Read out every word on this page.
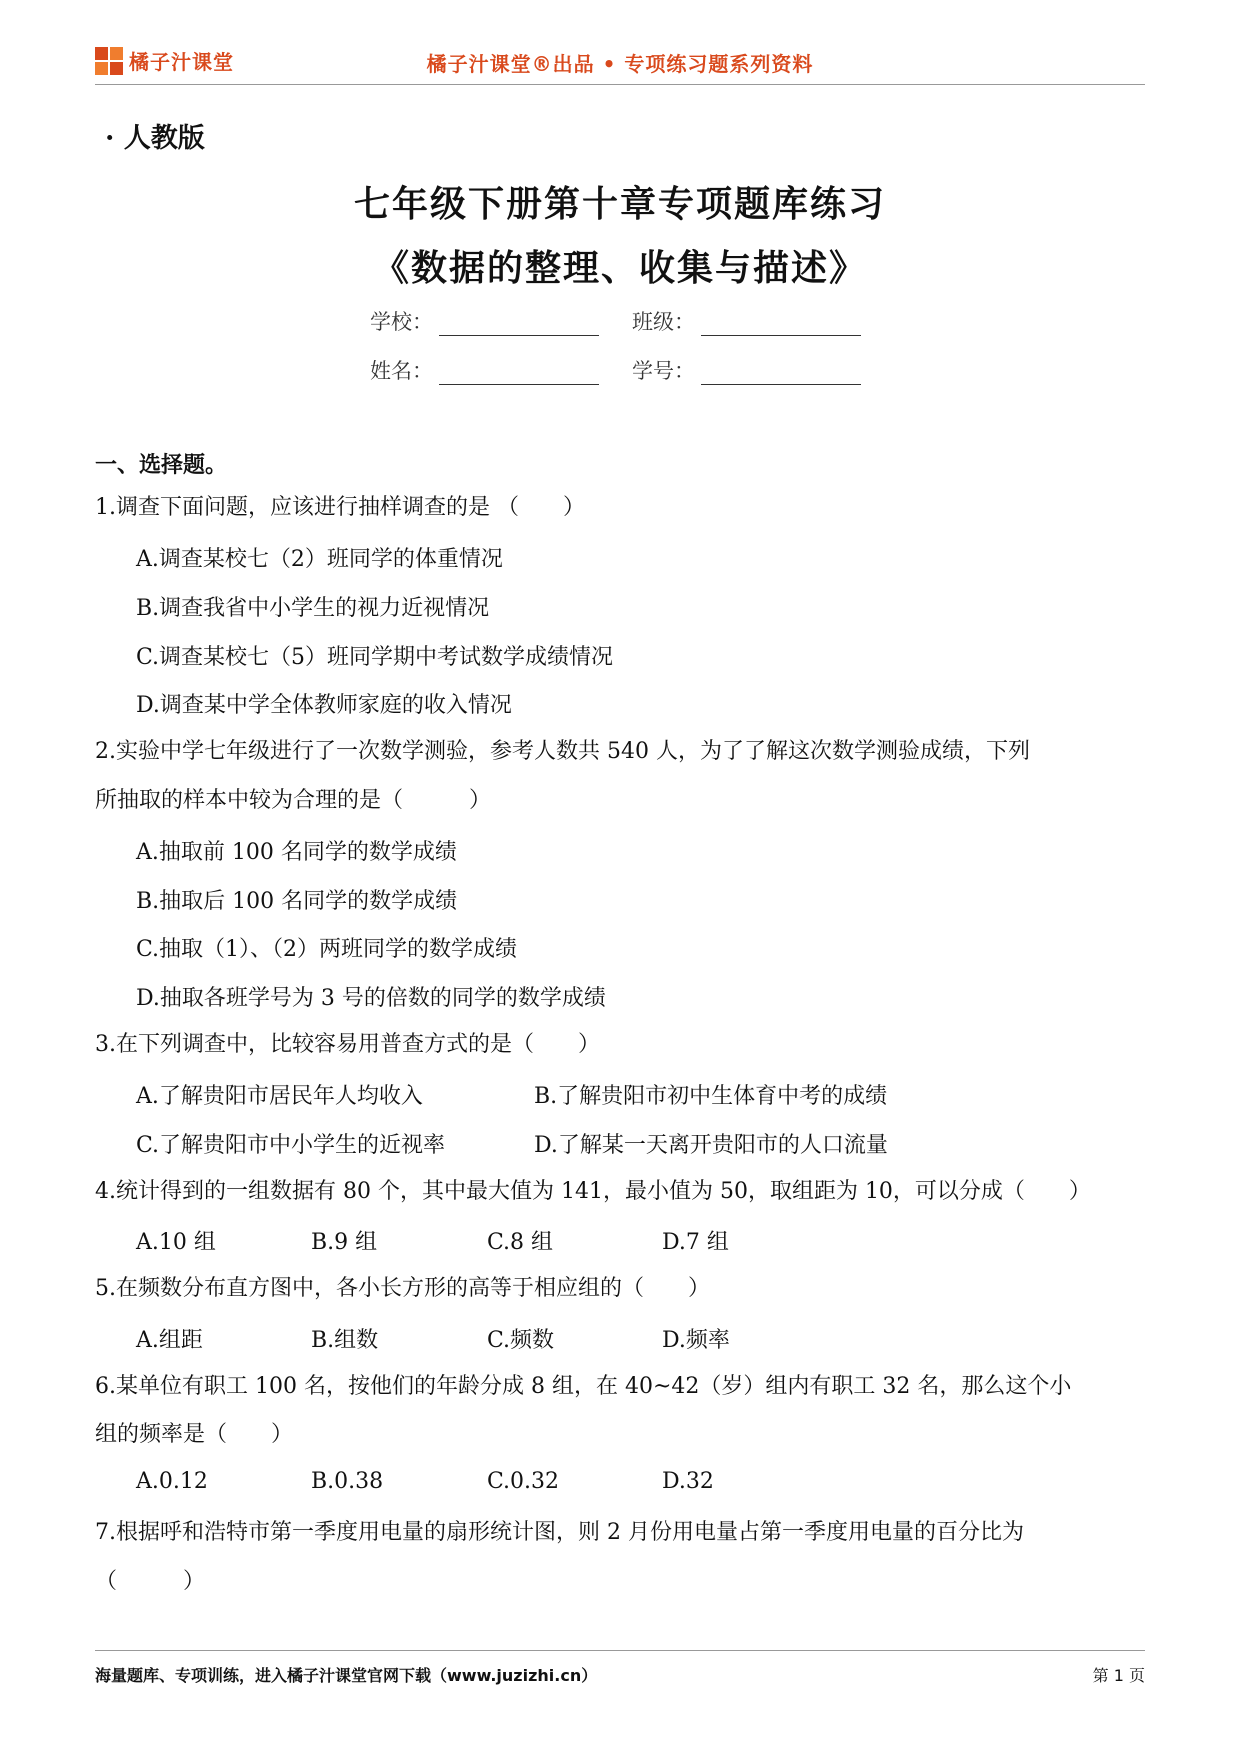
橘子汁课堂	橘子汁课堂®出品 • 专项练习题系列资料
· 人教版
七年级下册第十章专项题库练习
《数据的整理、收集与描述》
学校：	班级：
姓名：	学号：
一、选择题。
1.调查下面问题，应该进行抽样调查的是 （　　）
A.调查某校七（2）班同学的体重情况
B.调查我省中小学生的视力近视情况
C.调查某校七（5）班同学期中考试数学成绩情况
D.调查某中学全体教师家庭的收入情况
2.实验中学七年级进行了一次数学测验，参考人数共 540 人，为了了解这次数学测验成绩，下列
所抽取的样本中较为合理的是（　　　）
A.抽取前 100 名同学的数学成绩
B.抽取后 100 名同学的数学成绩
C.抽取（1）、（2）两班同学的数学成绩
D.抽取各班学号为 3 号的倍数的同学的数学成绩
3.在下列调查中，比较容易用普查方式的是（　　）
A.了解贵阳市居民年人均收入	B.了解贵阳市初中生体育中考的成绩
C.了解贵阳市中小学生的近视率	D.了解某一天离开贵阳市的人口流量
4.统计得到的一组数据有 80 个，其中最大值为 141，最小值为 50，取组距为 10，可以分成（　　）
A.10 组	B.9 组	C.8 组	D.7 组
5.在频数分布直方图中，各小长方形的高等于相应组的（　　）
A.组距	B.组数	C.频数	D.频率
6.某单位有职工 100 名，按他们的年龄分成 8 组，在 40~42（岁）组内有职工 32 名，那么这个小
组的频率是（　　）
A.0.12	B.0.38	C.0.32	D.32
7.根据呼和浩特市第一季度用电量的扇形统计图，则 2 月份用电量占第一季度用电量的百分比为
（　　　）
海量题库、专项训练，进入橘子汁课堂官网下载（www.juzizhi.cn）	第 1 页
